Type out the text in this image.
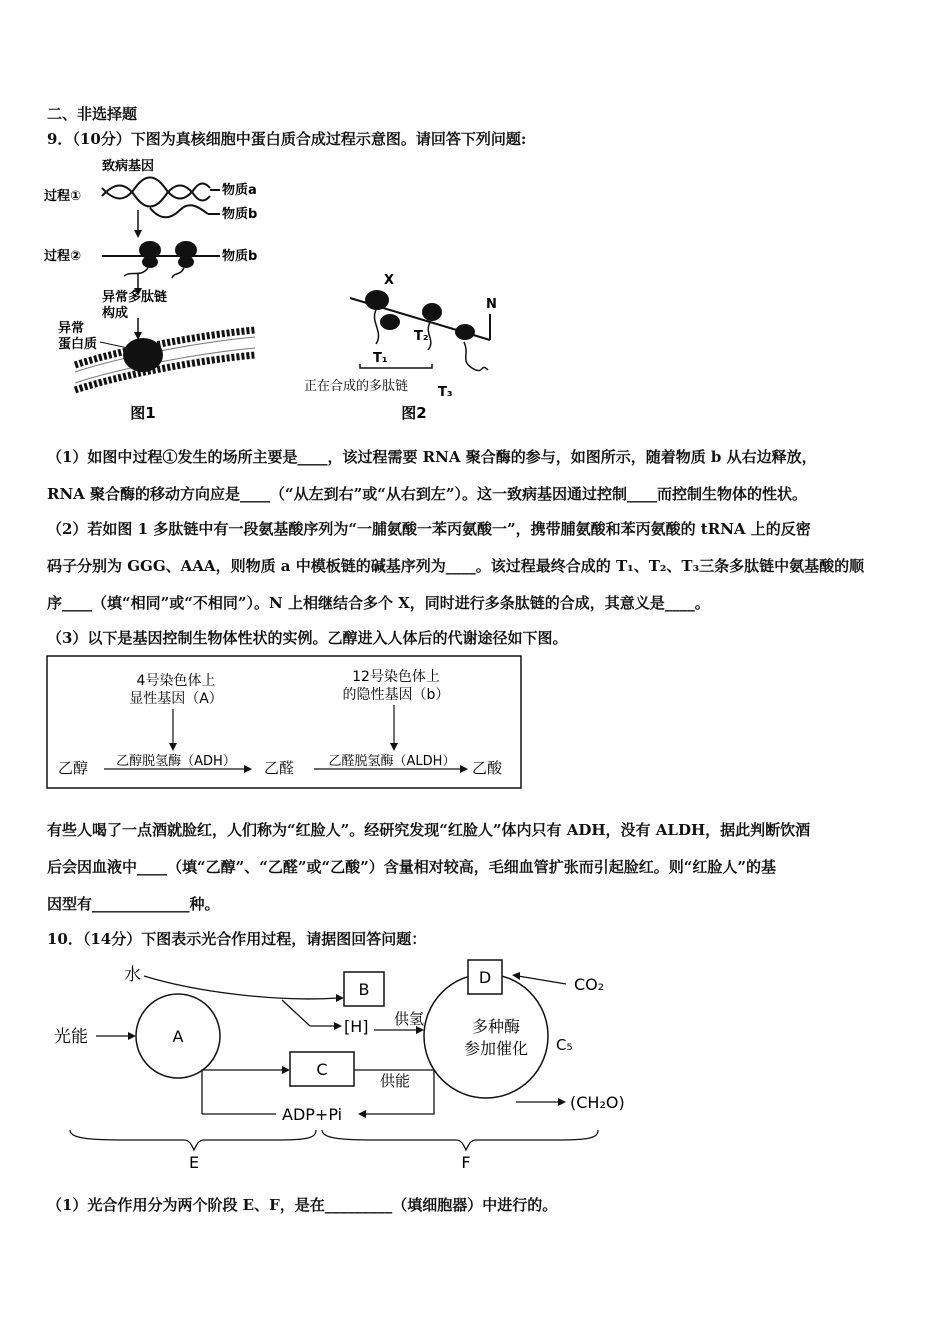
二、非选择题
9．（10分）下图为真核细胞中蛋白质合成过程示意图。请回答下列问题:
致病基因
过程①	物质a
物质b
过程②	物质b
异常多肽链
构成
异常
蛋白质
图1
X
N
T₁
T₂
T₃
正在合成的多肽链
图2
（1）如图中过程①发生的场所主要是____，该过程需要 RNA 聚合酶的参与，如图所示，随着物质 b 从右边释放，
RNA 聚合酶的移动方向应是____（“从左到右”或“从右到左”）。这一致病基因通过控制____而控制生物体的性状。
（2）若如图 1 多肽链中有一段氨基酸序列为“一脯氨酸一苯丙氨酸一”，携带脯氨酸和苯丙氨酸的 tRNA 上的反密
码子分别为 GGG、AAA，则物质 a 中模板链的碱基序列为____。该过程最终合成的 T₁、T₂、T₃三条多肽链中氨基酸的顺
序____（填“相同”或“不相同”）。N 上相继结合多个 X，同时进行多条肽链的合成，其意义是____。
（3）以下是基因控制生物体性状的实例。乙醇进入人体后的代谢途径如下图。
4号染色体上
显性基因（A）
12号染色体上
的隐性基因（b）
乙醇 乙醇脱氢酶（ADH） 乙醛	乙醛脱氢酶（ALDH） 乙酸
有些人喝了一点酒就脸红，人们称为“红脸人”。经研究发现“红脸人”体内只有 ADH，没有 ALDH，据此判断饮酒
后会因血液中____（填“乙醇”、“乙醛”或“乙酸”）含量相对较高，毛细血管扩张而引起脸红。则“红脸人”的基
因型有_____________种。
10．（14分）下图表示光合作用过程，请据图回答问题：
水
B
光能	A
[H] 供氢	多种酶
参加催化
D	CO₂
C₅
(CH₂O)
C
供能
ADP+Pi
E	F
（1）光合作用分为两个阶段 E、F，是在_________（填细胞器）中进行的。
